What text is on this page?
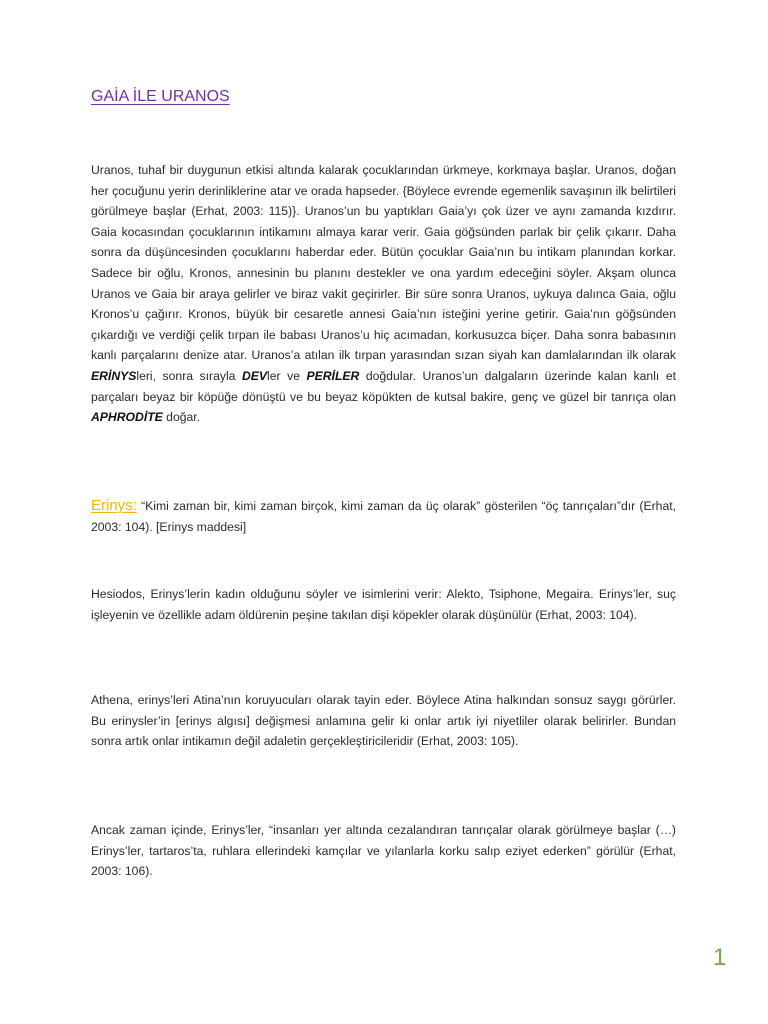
GAİA İLE URANOS

Uranos, tuhaf bir duygunun etkisi altında kalarak çocuklarından ürkmeye, korkmaya başlar. Uranos, doğan her çocuğunu yerin derinliklerine atar ve orada hapseder. {Böylece evrende egemenlik savaşının ilk belirtileri görülmeye başlar (Erhat, 2003: 115)}. Uranos’un bu yaptıkları Gaia’yı çok üzer ve aynı zamanda kızdırır. Gaia kocasından çocuklarının intikamını almaya karar verir. Gaia göğsünden parlak bir çelik çıkarır. Daha sonra da düşüncesinden çocuklarını haberdar eder. Bütün çocuklar Gaia’nın bu intikam planından korkar. Sadece bir oğlu, Kronos, annesinin bu planını destekler ve ona yardım edeceğini söyler. Akşam olunca Uranos ve Gaia bir araya gelirler ve biraz vakit geçirirler. Bir süre sonra Uranos, uykuya dalınca Gaia, oğlu Kronos’u çağırır. Kronos, büyük bir cesaretle annesi Gaia’nın isteğini yerine getirir. Gaia’nın göğsünden çıkardığı ve verdiği çelik tırpan ile babası Uranos’u hiç acımadan, korkusuzca biçer. Daha sonra babasının kanlı parçalarını denize atar. Uranos’a atılan ilk tırpan yarasından sızan siyah kan damlalarından ilk olarak ERİNYSleri, sonra sırayla DEVler ve PERİLER doğdular. Uranos’un dalgaların üzerinde kalan kanlı et parçaları beyaz bir köpüğe dönüştü ve bu beyaz köpükten de kutsal bakire, genç ve güzel bir tanrıça olan APHRODİTE doğar.

Erinys: “Kimi zaman bir, kimi zaman birçok, kimi zaman da üç olarak” gösterilen “öç tanrıçaları”dır (Erhat, 2003: 104). [Erinys maddesi]

Hesiodos, Erinys’lerin kadın olduğunu söyler ve isimlerini verir: Alekto, Tsiphone, Megaira. Erinys’ler, suç işleyenin ve özellikle adam öldürenin peşine takılan dişi köpekler olarak düşünülür (Erhat, 2003: 104).

Athena, erinys’leri Atina’nın koruyucuları olarak tayin eder. Böylece Atina halkından sonsuz saygı görürler. Bu erinysler’in [erinys algısı] değişmesi anlamına gelir ki onlar artık iyi niyetliler olarak belirirler. Bundan sonra artık onlar intikamın değil adaletin gerçekleştiricileridir (Erhat, 2003: 105).

Ancak zaman içinde, Erinys’ler, “insanları yer altında cezalandıran tanrıçalar olarak görülmeye başlar (…) Erinys’ler, tartaros’ta, ruhlara ellerindeki kamçılar ve yılanlarla korku salıp eziyet ederken” görülür (Erhat, 2003: 106).

1
